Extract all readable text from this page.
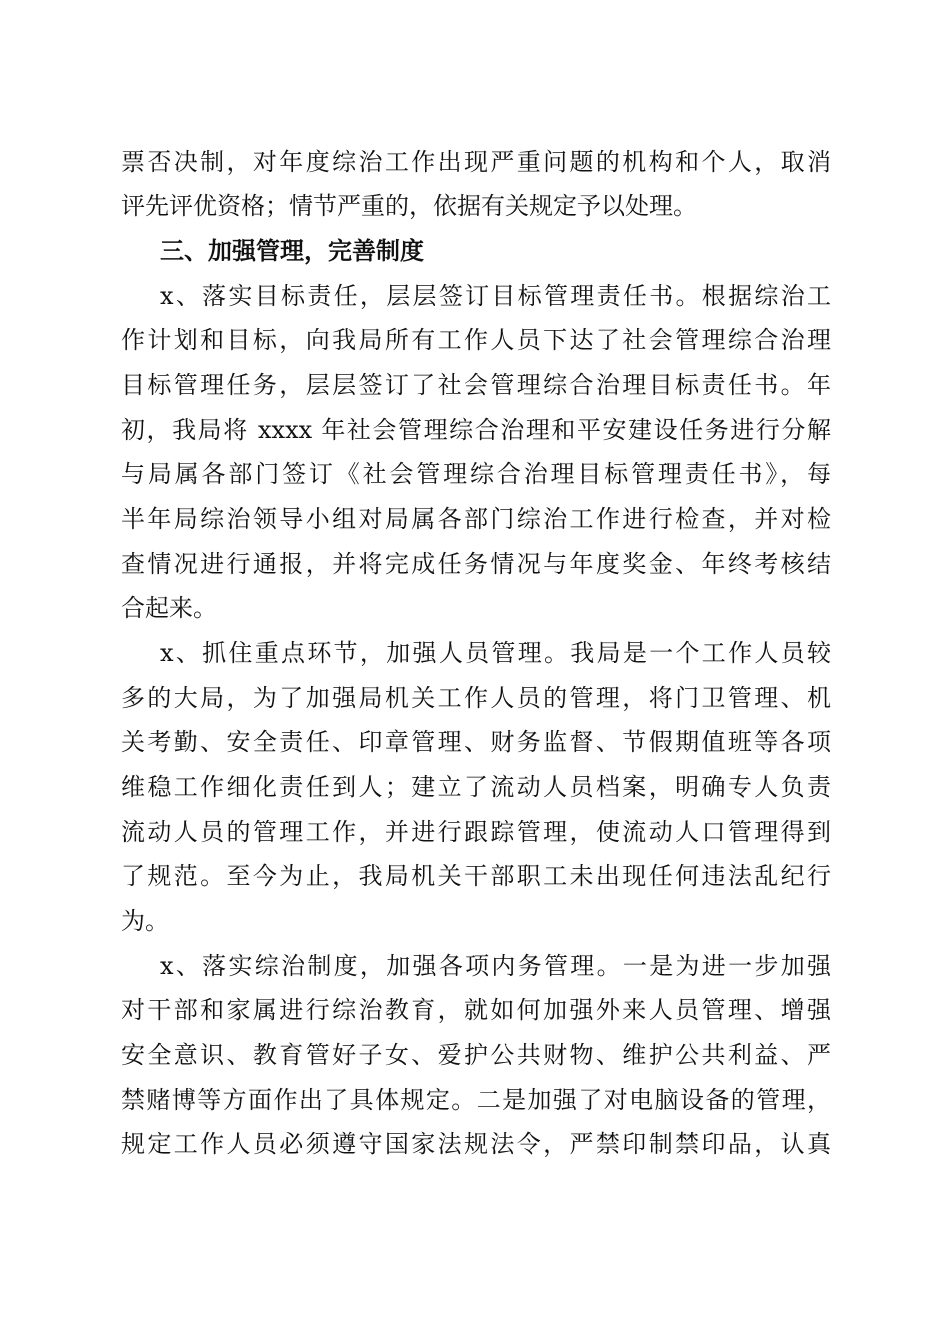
票否决制，对年度综治工作出现严重问题的机构和个人，取消
评先评优资格；情节严重的，依据有关规定予以处理。
三、加强管理，完善制度
x、落实目标责任，层层签订目标管理责任书。根据综治工
作计划和目标，向我局所有工作人员下达了社会管理综合治理
目标管理任务，层层签订了社会管理综合治理目标责任书。年
初，我局将 xxxx 年社会管理综合治理和平安建设任务进行分解
与局属各部门签订《社会管理综合治理目标管理责任书》，每
半年局综治领导小组对局属各部门综治工作进行检查，并对检
查情况进行通报，并将完成任务情况与年度奖金、年终考核结
合起来。
x、抓住重点环节，加强人员管理。我局是一个工作人员较
多的大局，为了加强局机关工作人员的管理，将门卫管理、机
关考勤、安全责任、印章管理、财务监督、节假期值班等各项
维稳工作细化责任到人；建立了流动人员档案，明确专人负责
流动人员的管理工作，并进行跟踪管理，使流动人口管理得到
了规范。至今为止，我局机关干部职工未出现任何违法乱纪行
为。
x、落实综治制度，加强各项内务管理。一是为进一步加强
对干部和家属进行综治教育，就如何加强外来人员管理、增强
安全意识、教育管好子女、爱护公共财物、维护公共利益、严
禁赌博等方面作出了具体规定。二是加强了对电脑设备的管理，
规定工作人员必须遵守国家法规法令，严禁印制禁印品，认真
